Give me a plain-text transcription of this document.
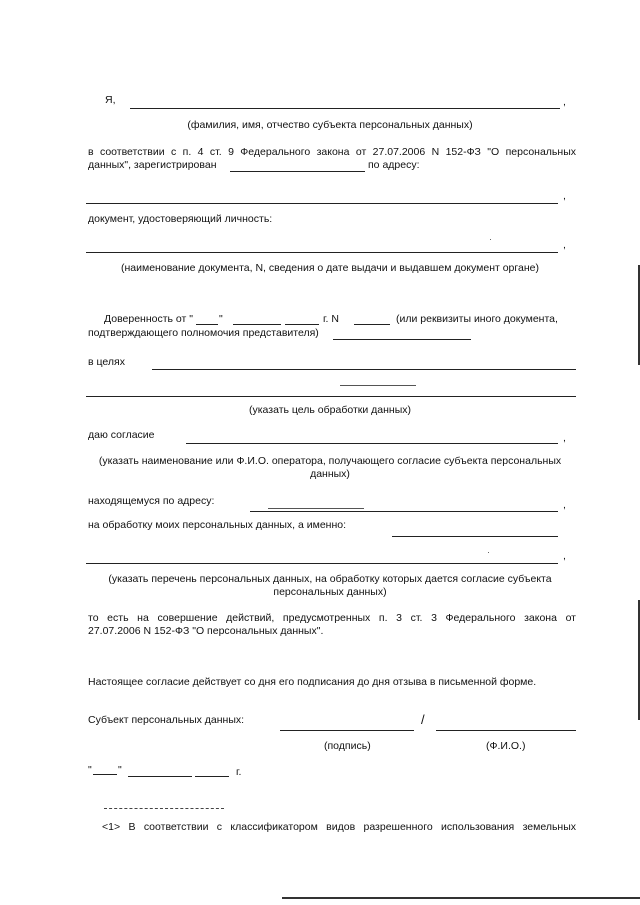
Я,	,
(фамилия, имя, отчество субъекта персональных данных)
в соответствии с п. 4 ст. 9 Федерального закона от 27.07.2006 N 152-ФЗ "О персональных
данных", зарегистрирован	по адресу:
,
документ, удостоверяющий личность:
,
(наименование документа, N, сведения о дате выдачи и выдавшем документ органе)
Доверенность от " "	г. N	(или реквизиты иного документа,
подтверждающего полномочия представителя)
в целях
(указать цель обработки данных)
даю согласие	,
(указать наименование или Ф.И.О. оператора, получающего согласие субъекта персональных
данных)
находящемуся по адресу:	,
на обработку моих персональных данных, а именно:
,
(указать перечень персональных данных, на обработку которых дается согласие субъекта
персональных данных)
то есть на совершение действий, предусмотренных п. 3 ст. 3 Федерального закона от
27.07.2006 N 152-ФЗ "О персональных данных".
Настоящее согласие действует со дня его подписания до дня отзыва в письменной форме.
Субъект персональных данных:	/
(подпись)	(Ф.И.О.)
"	"	г.
<1> В соответствии с классификатором видов разрешенного использования земельных
